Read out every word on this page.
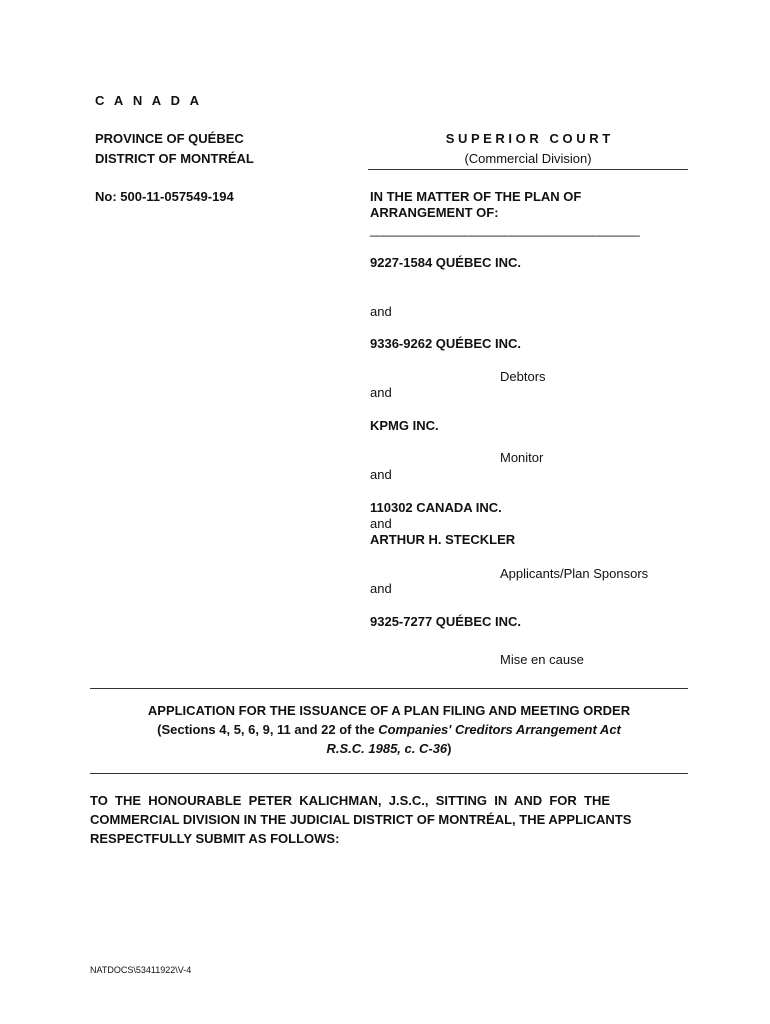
C A N A D A
PROVINCE OF QUÉBEC
DISTRICT OF MONTRÉAL
No: 500-11-057549-194
S U P E R I O R   C O U R T
(Commercial Division)
IN THE MATTER OF THE PLAN OF
ARRANGEMENT OF:
________________________________________
9227-1584 QUÉBEC INC.
and
9336-9262 QUÉBEC INC.
Debtors
and
KPMG INC.
Monitor
and
110302 CANADA INC.
and
ARTHUR H. STECKLER
Applicants/Plan Sponsors
and
9325-7277 QUÉBEC INC.
Mise en cause
APPLICATION FOR THE ISSUANCE OF A PLAN FILING AND MEETING ORDER
(Sections 4, 5, 6, 9, 11 and 22 of the Companies' Creditors Arrangement Act
R.S.C. 1985, c. C-36)
TO  THE  HONOURABLE  PETER  KALICHMAN,  J.S.C.,  SITTING  IN  AND  FOR  THE
COMMERCIAL DIVISION IN THE JUDICIAL DISTRICT OF MONTRÉAL, THE APPLICANTS
RESPECTFULLY SUBMIT AS FOLLOWS:
NATDOCS\53411922\V-4
